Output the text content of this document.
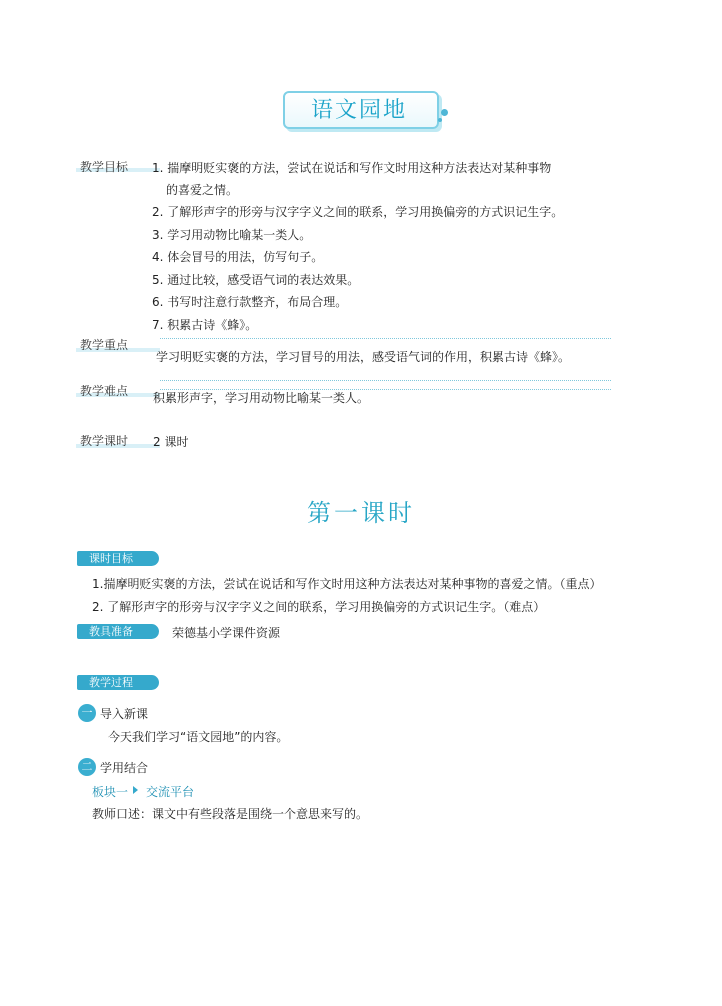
语文园地
教学目标 1. 揣摩明贬实褒的方法，尝试在说话和写作文时用这种方法表达对某种事物
的喜爱之情。
2. 了解形声字的形旁与汉字字义之间的联系，学习用换偏旁的方式识记生字。
3. 学习用动物比喻某一类人。
4. 体会冒号的用法，仿写句子。
5. 通过比较，感受语气词的表达效果。
6. 书写时注意行款整齐，布局合理。
7. 积累古诗《蜂》。
教学重点
学习明贬实褒的方法，学习冒号的用法，感受语气词的作用，积累古诗《蜂》。
教学难点 积累形声字，学习用动物比喻某一类人。
教学课时 2 课时
第一课时
课时目标
1.揣摩明贬实褒的方法，尝试在说话和写作文时用这种方法表达对某种事物的喜爱之情。（重点）
2. 了解形声字的形旁与汉字字义之间的联系，学习用换偏旁的方式识记生字。（难点）
教具准备	荣德基小学课件资源
教学过程
一 导入新课
今天我们学习“语文园地”的内容。
二 学用结合
板块一 交流平台
教师口述：课文中有些段落是围绕一个意思来写的。
